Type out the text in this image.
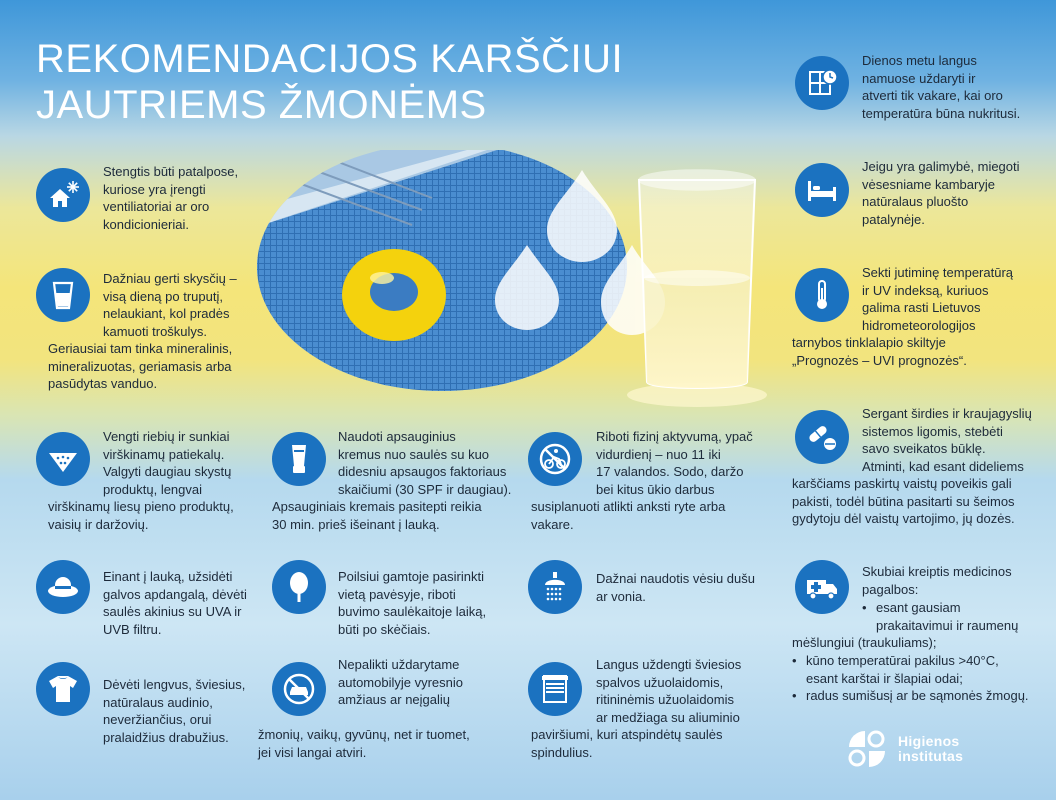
REKOMENDACIJOS KARŠČIUI
JAUTRIEMS ŽMONĖMS
Stengtis būti patalpose,
kuriose yra įrengti
ventiliatoriai ar oro
kondicionieriai.
Dažniau gerti skysčių –
visą dieną po truputį,
nelaukiant, kol pradės
kamuoti troškulys.
Geriausiai tam tinka mineralinis,
mineralizuotas, geriamasis arba
pasūdytas vanduo.
Vengti riebių ir sunkiai
virškinamų patiekalų.
Valgyti daugiau skystų
produktų, lengvai
virškinamų liesų pieno produktų,
vaisių ir daržovių.
Einant į lauką, užsidėti
galvos apdangalą, dėvėti
saulės akinius su UVA ir
UVB filtru.
Dėvėti lengvus, šviesius,
natūralaus audinio,
neveržiančius, orui
pralaidžius drabužius.
Naudoti apsauginius
kremus nuo saulės su kuo
didesniu apsaugos faktoriaus
skaičiumi (30 SPF ir daugiau).
Apsauginiais kremais pasitepti reikia
30 min. prieš išeinant į lauką.
Poilsiui gamtoje pasirinkti
vietą pavėsyje, riboti
buvimo saulėkaitoje laiką,
būti po skėčiais.
Nepalikti uždarytame
automobilyje vyresnio
amžiaus ar neįgalių
žmonių, vaikų, gyvūnų, net ir tuomet,
jei visi langai atviri.
Riboti fizinį aktyvumą, ypač
vidurdienį – nuo 11 iki
17 valandos. Sodo, daržo
bei kitus ūkio darbus
susiplanuoti atlikti anksti ryte arba
vakare.
Dažnai naudotis vėsiu dušu
ar vonia.
Langus uždengti šviesios
spalvos užuolaidomis,
ritininėmis užuolaidomis
ar medžiaga su aliuminio
paviršiumi, kuri atspindėtų saulės
spindulius.
Dienos metu langus
namuose uždaryti ir
atverti tik vakare, kai oro
temperatūra būna nukritusi.
Jeigu yra galimybė, miegoti
vėsesniame kambaryje
natūralaus pluošto
patalynėje.
Sekti jutiminę temperatūrą
ir UV indeksą, kuriuos
galima rasti Lietuvos
hidrometeorologijos
tarnybos tinklalapio skiltyje
„Prognozės – UVI prognozės“.
Sergant širdies ir kraujagyslių
sistemos ligomis, stebėti
savo sveikatos būklę.
Atminti, kad esant dideliems
karščiams paskirtų vaistų poveikis gali
pakisti, todėl būtina pasitarti su šeimos
gydytoju dėl vaistų vartojimo, jų dozės.
Skubiai kreiptis medicinos
pagalbos:
• esant gausiam
prakaitavimui ir raumenų
mėšlungiui (traukuliams);
• kūno temperatūrai pakilus >40°C,
esant karštai ir šlapiai odai;
• radus sumišusį ar be sąmonės žmogų.
Higienos
institutas
